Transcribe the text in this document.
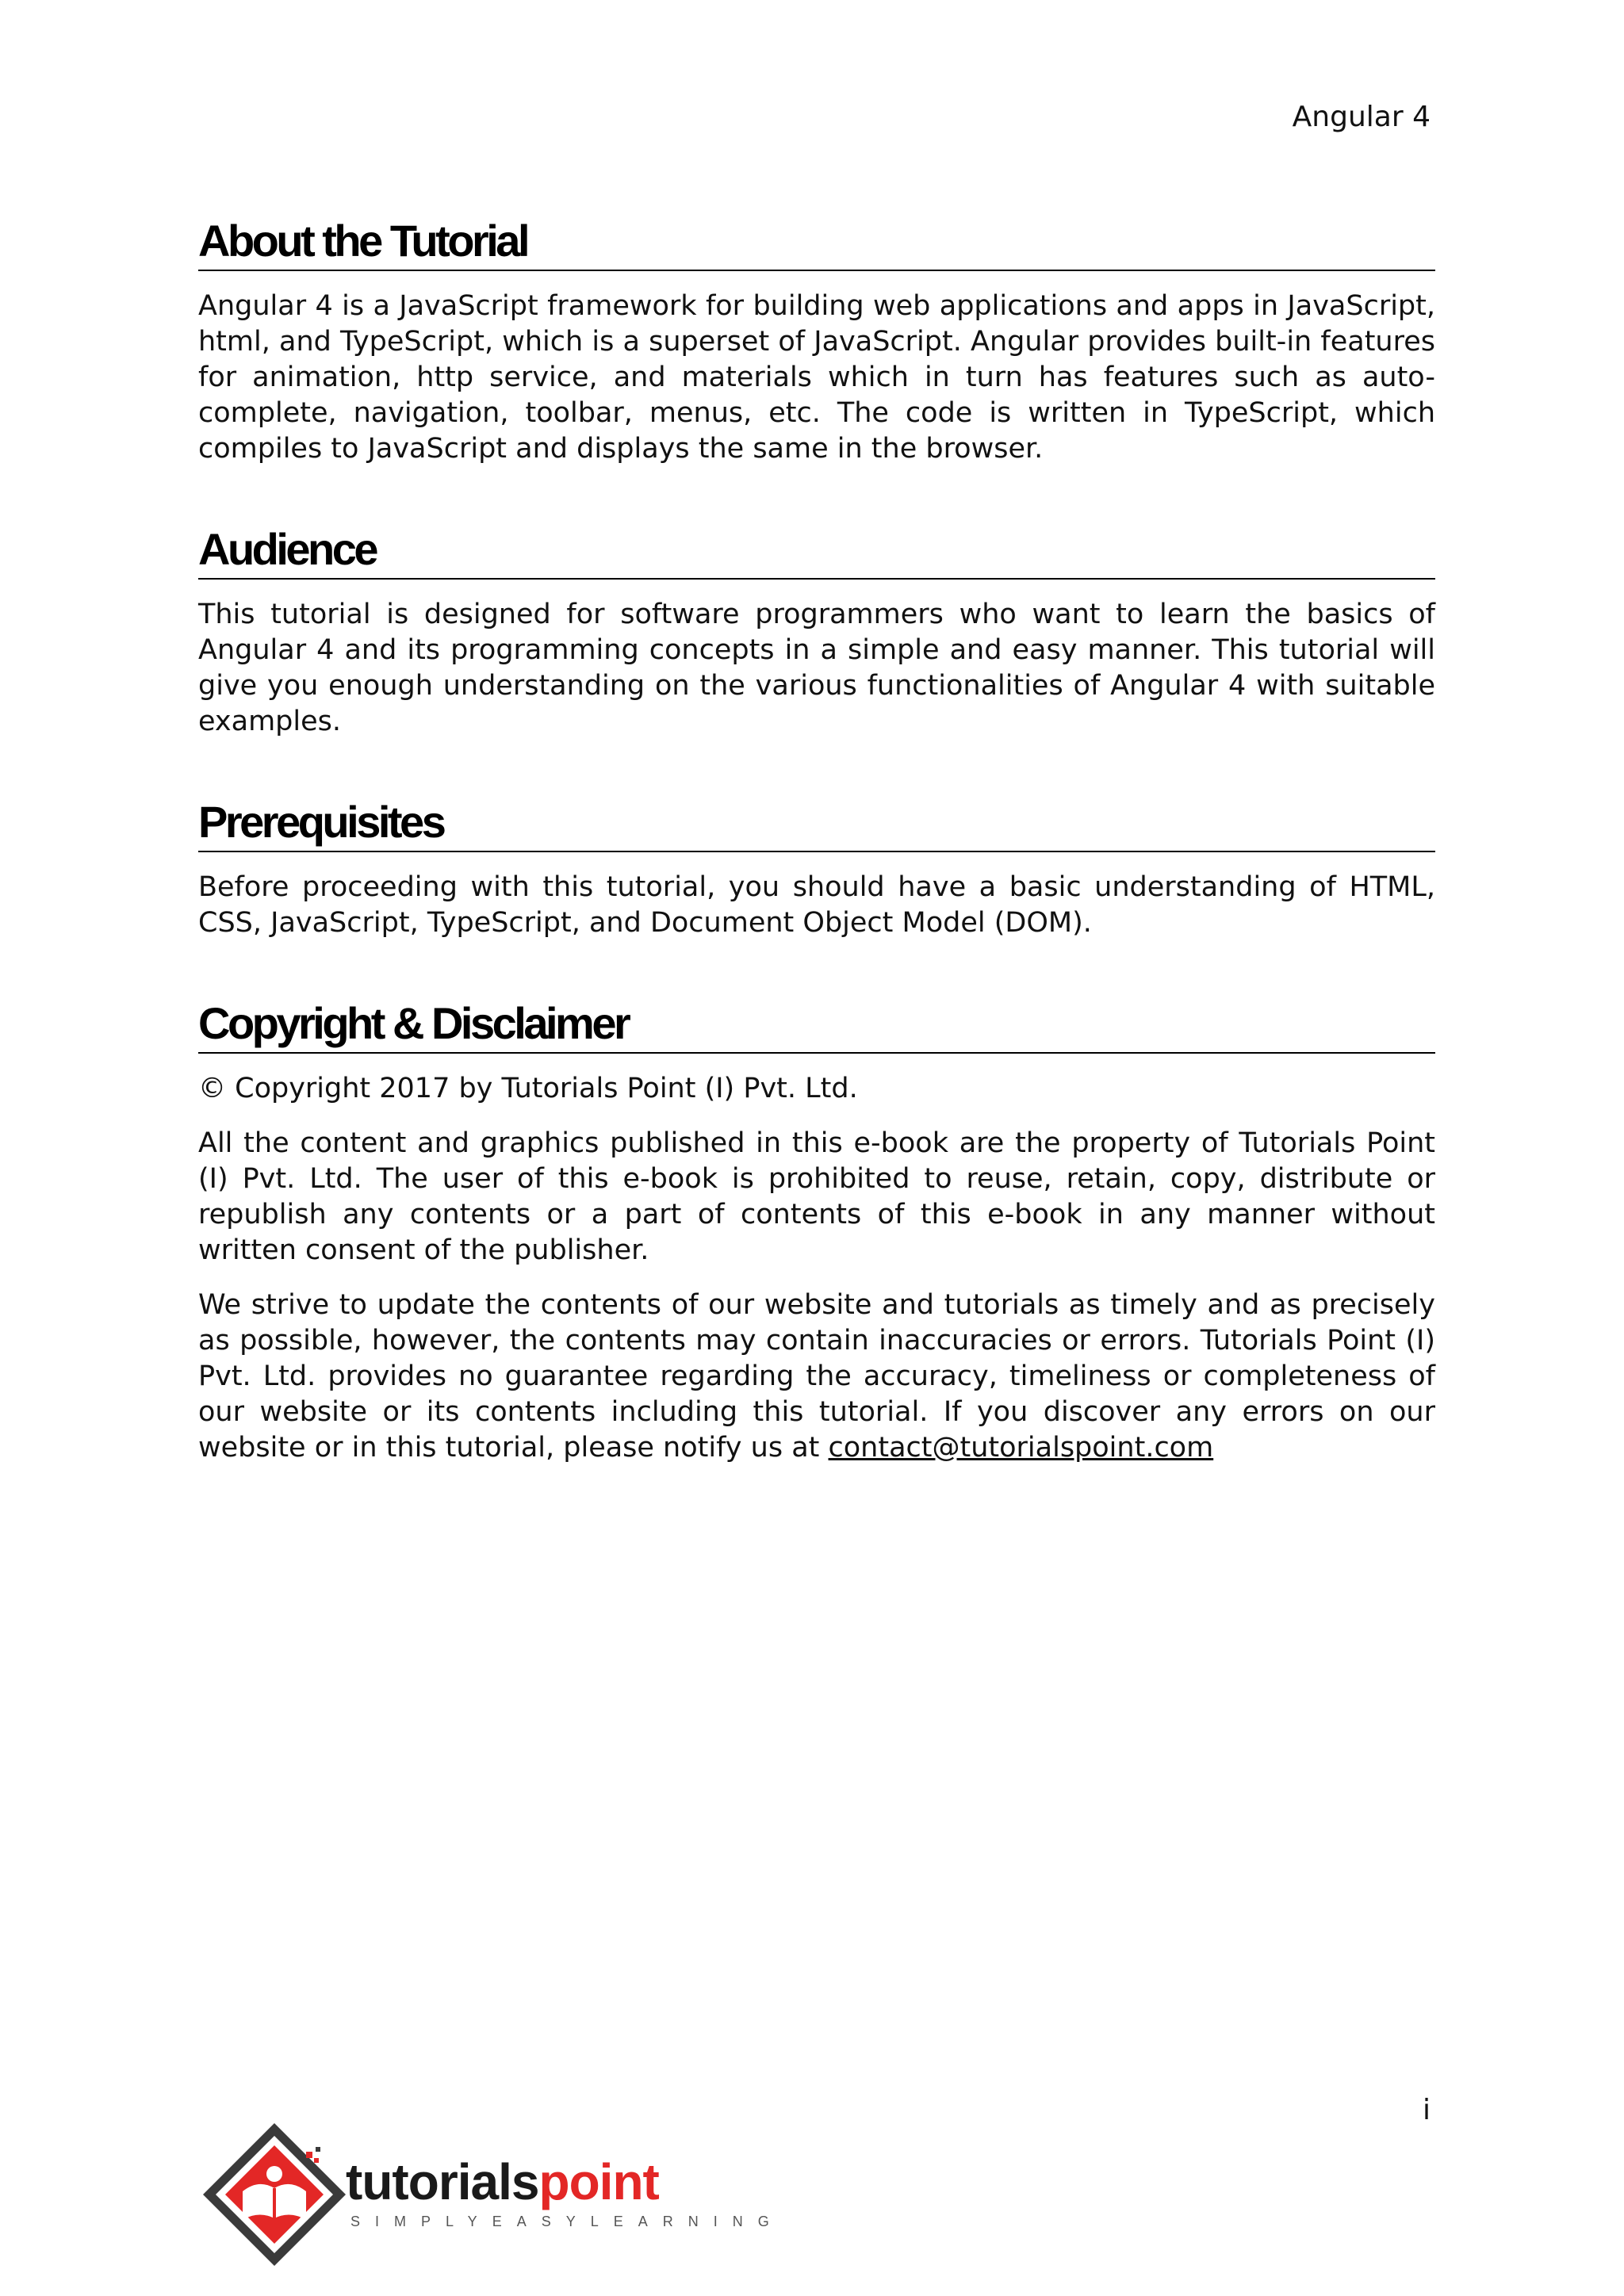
Angular 4
About the Tutorial

Angular 4 is a JavaScript framework for building web applications and apps in JavaScript, html, and TypeScript, which is a superset of JavaScript. Angular provides built-in features for animation, http service, and materials which in turn has features such as auto-complete, navigation, toolbar, menus, etc. The code is written in TypeScript, which compiles to JavaScript and displays the same in the browser.

Audience

This tutorial is designed for software programmers who want to learn the basics of Angular 4 and its programming concepts in a simple and easy manner. This tutorial will give you enough understanding on the various functionalities of Angular 4 with suitable examples.

Prerequisites

Before proceeding with this tutorial, you should have a basic understanding of HTML, CSS, JavaScript, TypeScript, and Document Object Model (DOM).

Copyright & Disclaimer

© Copyright 2017 by Tutorials Point (I) Pvt. Ltd.

All the content and graphics published in this e-book are the property of Tutorials Point (I) Pvt. Ltd. The user of this e-book is prohibited to reuse, retain, copy, distribute or republish any contents or a part of contents of this e-book in any manner without written consent of the publisher.

We strive to update the contents of our website and tutorials as timely and as precisely as possible, however, the contents may contain inaccuracies or errors. Tutorials Point (I) Pvt. Ltd. provides no guarantee regarding the accuracy, timeliness or completeness of our website or its contents including this tutorial. If you discover any errors on our website or in this tutorial, please notify us at contact@tutorialspoint.com

i
tutorialspoint
SIMPLYEASYLEARNING
